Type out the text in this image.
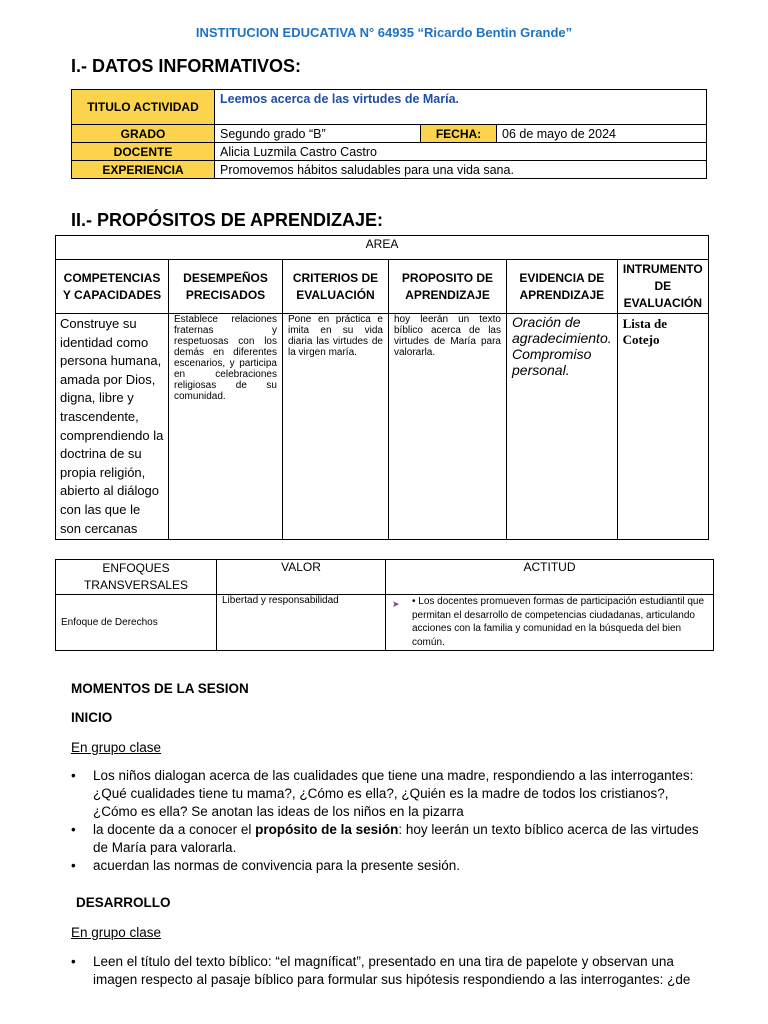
INSTITUCION EDUCATIVA N° 64935 “Ricardo Bentin Grande”
I.- DATOS INFORMATIVOS:
TITULO ACTIVIDAD	Leemos acerca de las virtudes de María.		
GRADO	Segundo grado “B”	FECHA:	06 de mayo de 2024
DOCENTE	Alicia Luzmila Castro Castro		
EXPERIENCIA	Promovemos hábitos saludables para una vida sana.		
II.- PROPÓSITOS DE APRENDIZAJE:
AREA					
COMPETENCIAS Y CAPACIDADES	DESEMPEÑOS PRECISADOS	CRITERIOS DE EVALUACIÓN	PROPOSITO DE APRENDIZAJE	EVIDENCIA DE APRENDIZAJE	INTRUMENTO DE EVALUACIÓN
Construye su identidad como persona humana, amada por Dios, digna, libre y trascendente, comprendiendo la doctrina de su propia religión, abierto al diálogo con las que le son cercanas	Establece relaciones fraternas y respetuosas con los demás en diferentes escenarios, y participa en celebraciones religiosas de su comunidad.	Pone en práctica e imita en su vida diaria las virtudes de la virgen maría.	hoy leerán un texto bíblico acerca de las virtudes de María para valorarla.	Oración de agradecimiento. Compromiso personal.	Lista de Cotejo
ENFOQUES TRANSVERSALES	VALOR	ACTITUD
Enfoque de Derechos	Libertad y responsabilidad	➤ • Los docentes promueven formas de participación estudiantil que permitan el desarrollo de competencias ciudadanas, articulando acciones con la familia y comunidad en la búsqueda del bien común.
MOMENTOS DE LA SESION
INICIO
En grupo clase
• Los niños dialogan acerca de las cualidades que tiene una madre, respondiendo a las interrogantes: ¿Qué cualidades tiene tu mama?, ¿Cómo es ella?, ¿Quién es la madre de todos los cristianos?, ¿Cómo es ella? Se anotan las ideas de los niños en la pizarra
• la docente da a conocer el propósito de la sesión: hoy leerán un texto bíblico acerca de las virtudes de María para valorarla.
• acuerdan las normas de convivencia para la presente sesión.
DESARROLLO
En grupo clase
• Leen el título del texto bíblico: “el magníficat”, presentado en una tira de papelote y observan una imagen respecto al pasaje bíblico para formular sus hipótesis respondiendo a las interrogantes: ¿de
